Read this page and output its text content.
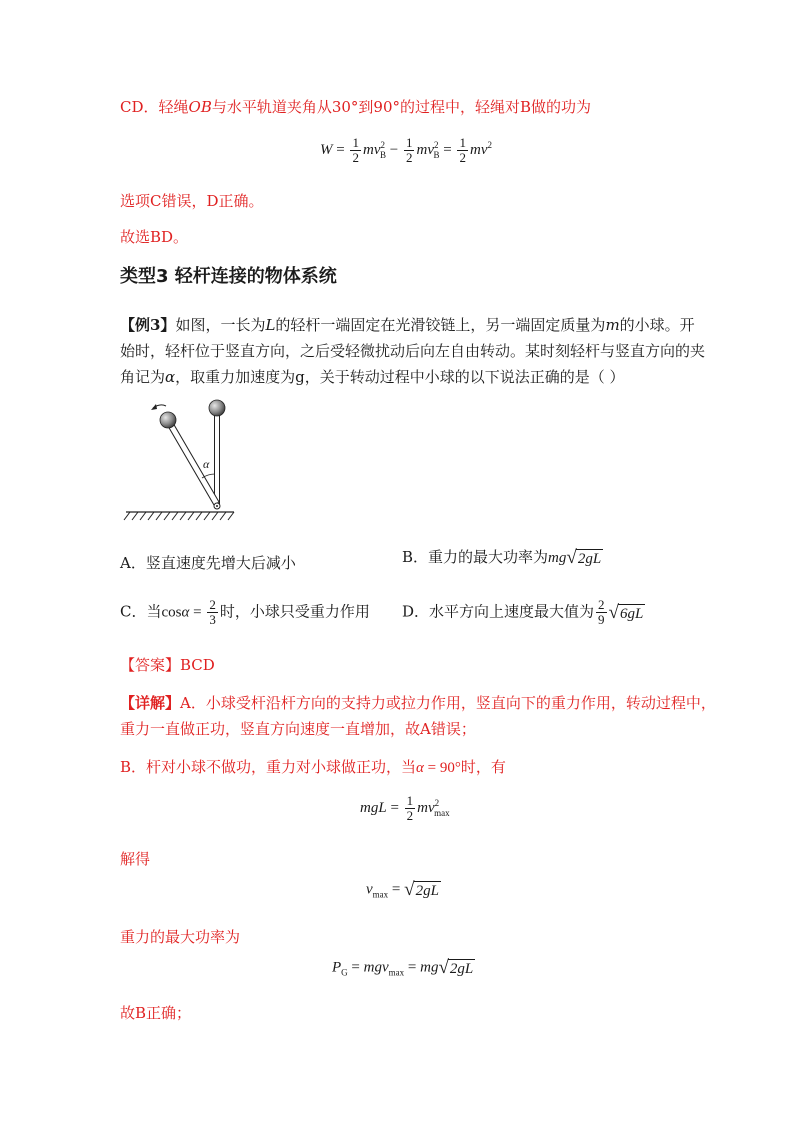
CD．轻绳OB与水平轨道夹角从30°到90°的过程中，轻绳对B做的功为
$W = \frac{1}{2} mv^2_B - \frac{1}{2} mv^2_B = \frac{1}{2} mv^2$
选项C错误，D正确。
故选BD。
类型3 轻杆连接的物体系统
【例3】如图，一长为L的轻杆一端固定在光滑铰链上，另一端固定质量为m的小球。开
始时，轻杆位于竖直方向，之后受轻微扰动后向左自由转动。某时刻轻杆与竖直方向的夹
角记为α，取重力加速度为g，关于转动过程中小球的以下说法正确的是（ ）
α
A．竖直速度先增大后减小	B．重力的最大功率为mg √ 2gL
C．当$\cos\alpha = \frac{2}{3}$ 时，小球只受重力作用 D．水平方向上速度最大值为 $\frac{2}{9}$ √ 6gL
【答案】BCD
【详解】A．小球受杆沿杆方向的支持力或拉力作用，竖直向下的重力作用，转动过程中，
重力一直做正功，竖直方向速度一直增加，故A错误；
B．杆对小球不做功，重力对小球做正功，当α = 90°时，有
mgL = $\frac{1}{2} mv^2_{max}$
解得
$v_{max}$ = √ 2gL
重力的最大功率为
$P_G = mgv_{max}$ = mg √ 2gL
故B正确；
